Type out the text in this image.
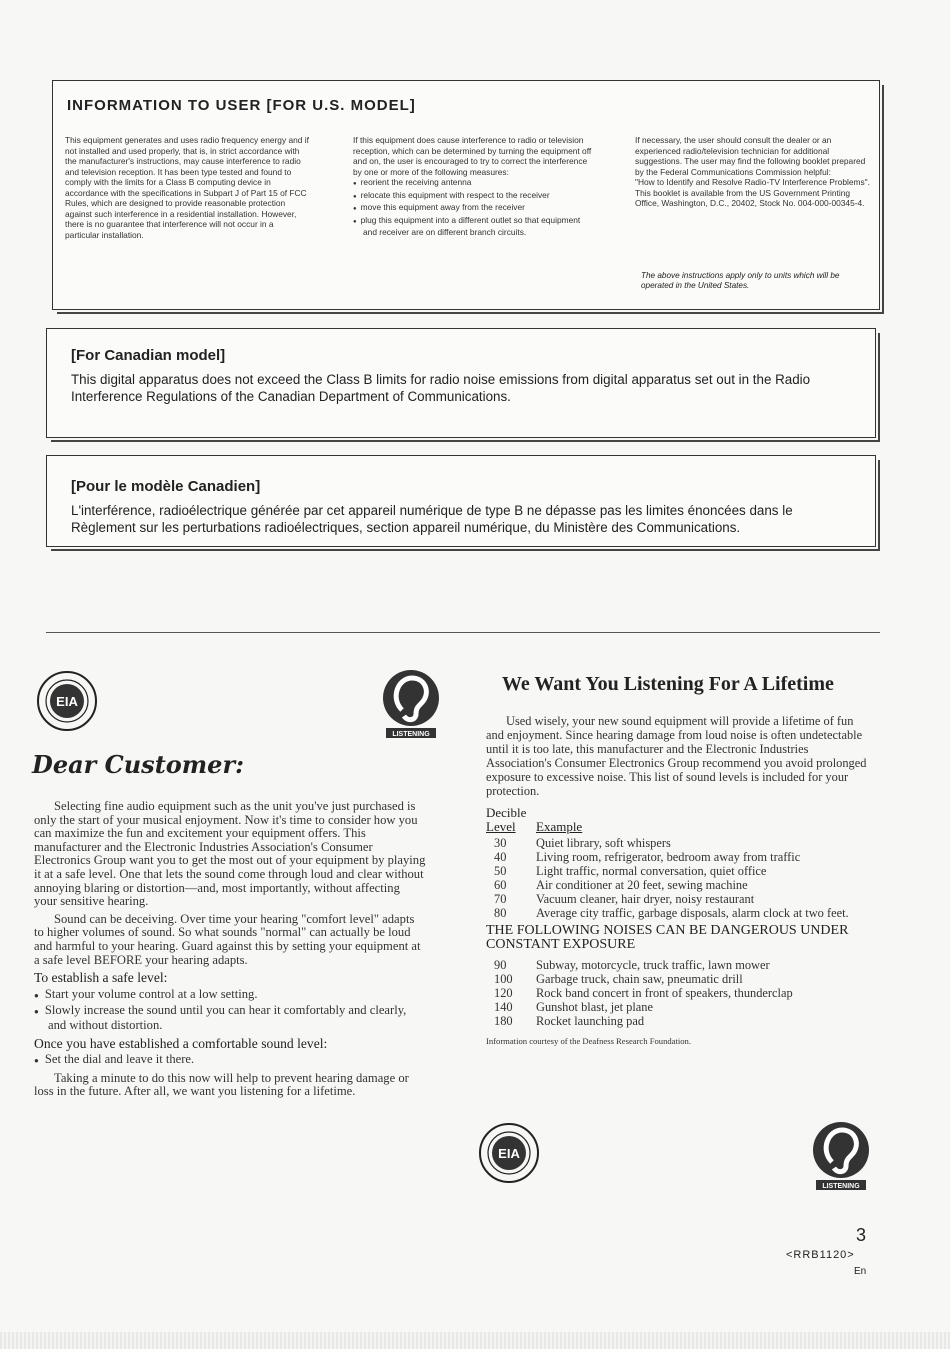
INFORMATION TO USER [FOR U.S. MODEL]

This equipment generates and uses radio frequency energy and if not installed and used properly, that is, in strict accordance with the manufacturer's instructions, may cause interference to radio and television reception. It has been type tested and found to comply with the limits for a Class B computing device in accordance with the specifications in Subpart J of Part 15 of FCC Rules, which are designed to provide reasonable protection against such interference in a residential installation. However, there is no guarantee that interference will not occur in a particular installation.

If this equipment does cause interference to radio or television reception, which can be determined by turning the equipment off and on, the user is encouraged to try to correct the interference by one or more of the following measures:

● reorient the receiving antenna
● relocate this equipment with respect to the receiver
● move this equipment away from the receiver
● plug this equipment into a different outlet so that equipment and receiver are on different branch circuits.

If necessary, the user should consult the dealer or an experienced radio/television technician for additional suggestions. The user may find the following booklet prepared by the Federal Communications Commission helpful:

"How to Identify and Resolve Radio-TV Interference Problems".

This booklet is available from the US Government Printing Office, Washington, D.C., 20402, Stock No. 004-000-00345-4.

The above instructions apply only to units which will be operated in the United States.

[For Canadian model]

This digital apparatus does not exceed the Class B limits for radio noise emissions from digital apparatus set out in the Radio Interference Regulations of the Canadian Department of Communications.

[Pour le modèle Canadien]

L'interférence, radioélectrique générée par cet appareil numérique de type B ne dépasse pas les limites énoncées dans le Règlement sur les perturbations radioélectriques, section appareil numérique, du Ministère des Communications.

EIA
LISTENING
EIA
LISTENING
Dear Customer:

Selecting fine audio equipment such as the unit you've just purchased is only the start of your musical enjoyment. Now it's time to consider how you can maximize the fun and excitement your equipment offers. This manufacturer and the Electronic Industries Association's Consumer Electronics Group want you to get the most out of your equipment by playing it at a safe level. One that lets the sound come through loud and clear without annoying blaring or distortion—and, most importantly, without affecting your sensitive hearing.

Sound can be deceiving. Over time your hearing "comfort level" adapts to higher volumes of sound. So what sounds "normal" can actually be loud and harmful to your hearing. Guard against this by setting your equipment at a safe level BEFORE your hearing adapts.

To establish a safe level:

● Start your volume control at a low setting.
● Slowly increase the sound until you can hear it comfortably and clearly, and without distortion.

Once you have established a comfortable sound level:

● Set the dial and leave it there.

Taking a minute to do this now will help to prevent hearing damage or loss in the future. After all, we want you listening for a lifetime.

We Want You Listening For A Lifetime

Used wisely, your new sound equipment will provide a lifetime of fun and enjoyment. Since hearing damage from loud noise is often undetectable until it is too late, this manufacturer and the Electronic Industries Association's Consumer Electronics Group recommend you avoid prolonged exposure to excessive noise. This list of sound levels is included for your protection.

Decible

Level	Example
30	Quiet library, soft whispers
40	Living room, refrigerator, bedroom away from traffic
50	Light traffic, normal conversation, quiet office
60	Air conditioner at 20 feet, sewing machine
70	Vacuum cleaner, hair dryer, noisy restaurant
80	Average city traffic, garbage disposals, alarm clock at two feet.

THE FOLLOWING NOISES CAN BE DANGEROUS UNDER CONSTANT EXPOSURE

90	Subway, motorcycle, truck traffic, lawn mower
100	Garbage truck, chain saw, pneumatic drill
120	Rock band concert in front of speakers, thunderclap
140	Gunshot blast, jet plane
180	Rocket launching pad

Information courtesy of the Deafness Research Foundation.

3

<RRB1120>

En
